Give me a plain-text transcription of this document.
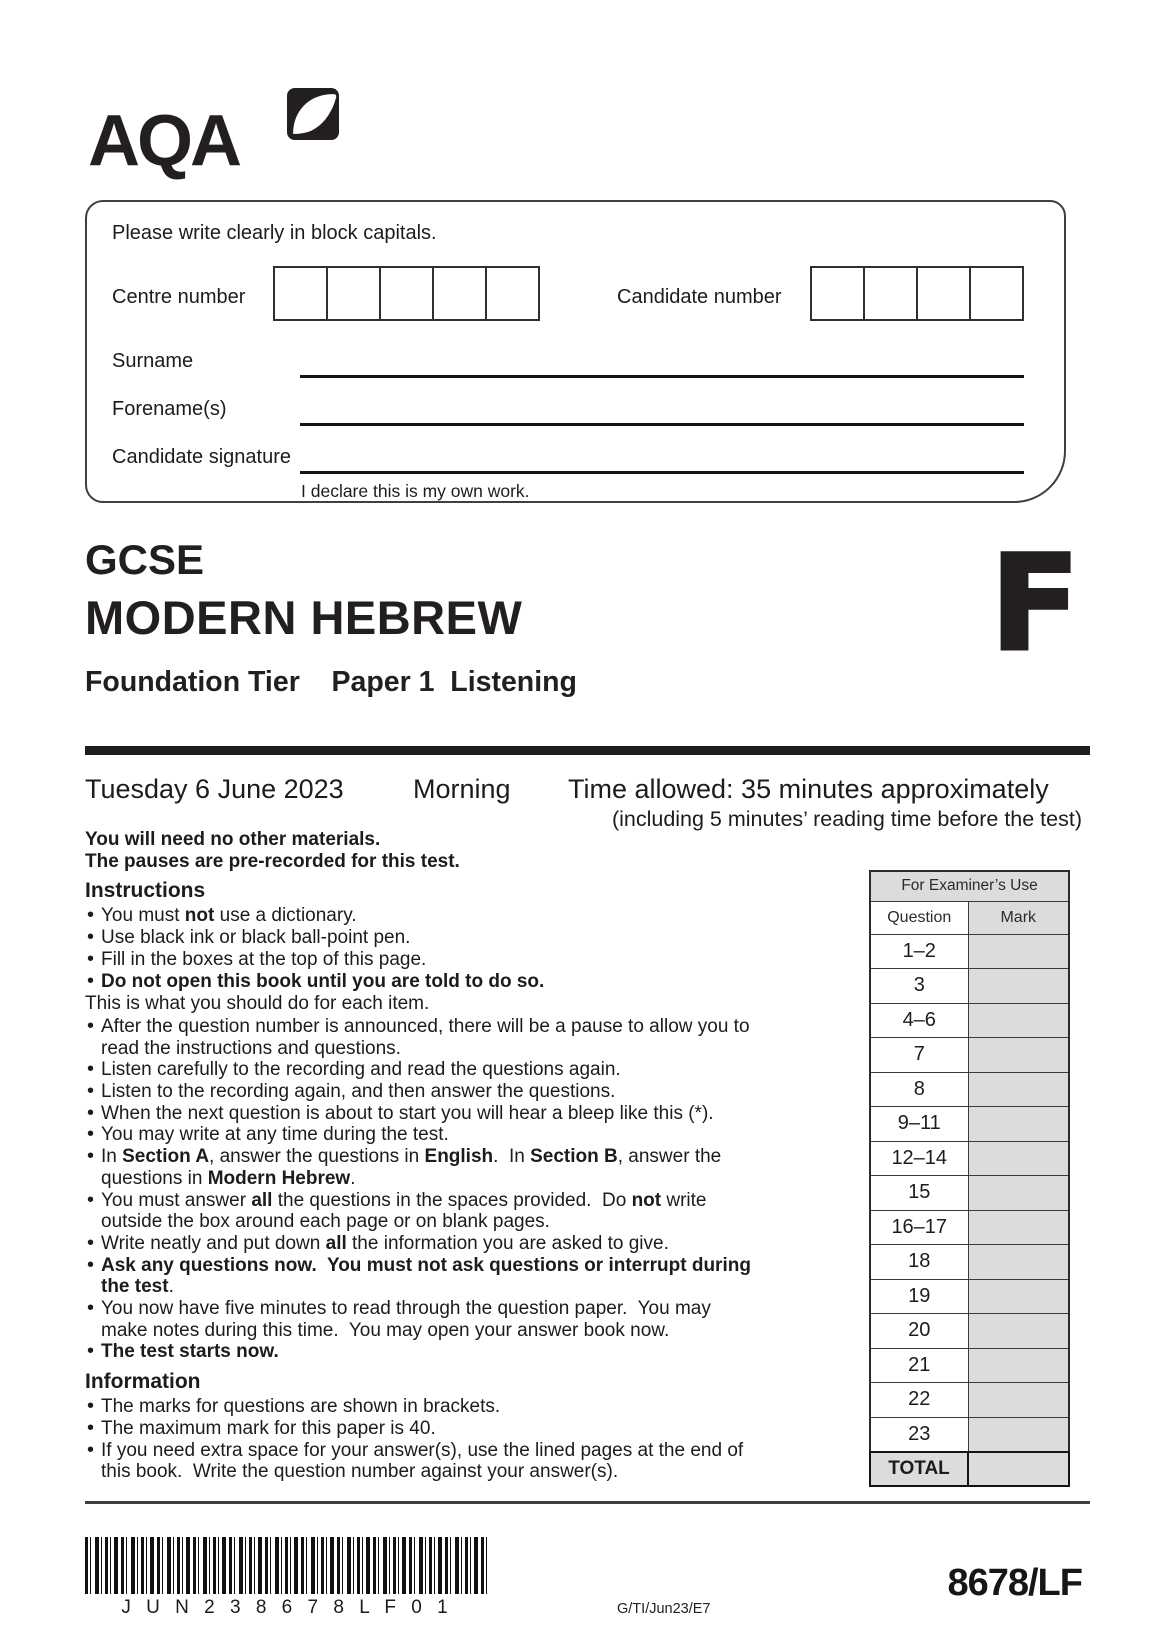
AQA
Please write clearly in block capitals.
Centre number	Candidate number
Surname
Forename(s)
Candidate signature
I declare this is my own work.
GCSE
MODERN HEBREW	F
Foundation Tier    Paper 1  Listening
Tuesday 6 June 2023	Morning Time allowed: 35 minutes approximately
(including 5 minutes’ reading time before the test)

You will need no other materials.

The pauses are pre-recorded for this test.

Instructions
• You must not use a dictionary.
• Use black ink or black ball-point pen.
• Fill in the boxes at the top of this page.
• Do not open this book until you are told to do so.

This is what you should do for each item.

• After the question number is announced, there will be a pause to allow you to
read the instructions and questions.
• Listen carefully to the recording and read the questions again.
• Listen to the recording again, and then answer the questions.
• When the next question is about to start you will hear a bleep like this (*).
• You may write at any time during the test.
• In Section A, answer the questions in English.  In Section B, answer the
questions in Modern Hebrew.
• You must answer all the questions in the spaces provided.  Do not write
outside the box around each page or on blank pages.
• Write neatly and put down all the information you are asked to give.
• Ask any questions now.  You must not ask questions or interrupt during
the test.
• You now have five minutes to read through the question paper.  You may
make notes during this time.  You may open your answer book now.
• The test starts now.
Information
• The marks for questions are shown in brackets.
• The maximum mark for this paper is 40.
• If you need extra space for your answer(s), use the lined pages at the end of
this book.  Write the question number against your answer(s).
For Examiner’s Use	
Question	Mark
1–2	
3	
4–6	
7	
8	
9–11	
12–14	
15	
16–17	
18	
19	
20	
21	
22	
23	
TOTAL	
J U N 2 3 8 6 7 8 L F 0 1	G/TI/Jun23/E7
8678/LF
